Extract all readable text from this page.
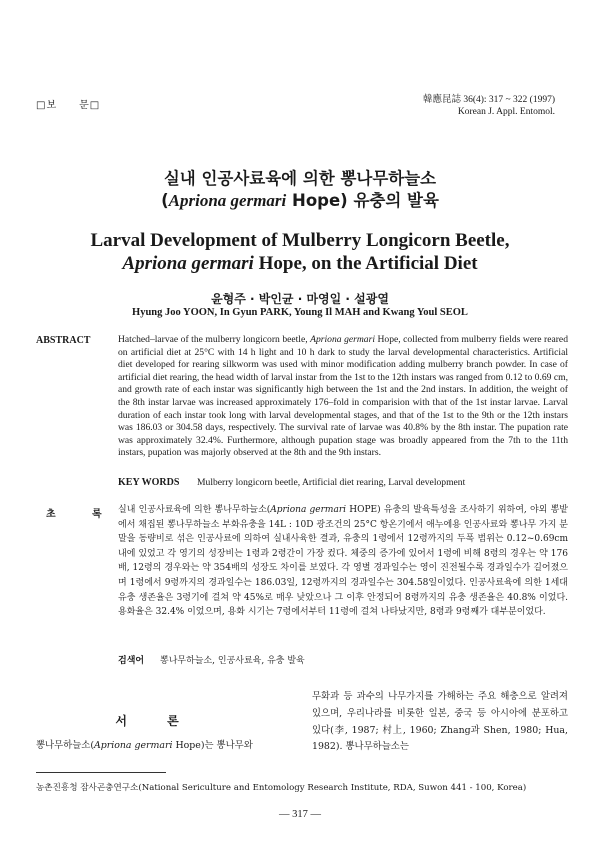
□보　　문□	韓應昆誌 36(4): 317 ~ 322 (1997)
Korean J. Appl. Entomol.
실내 인공사료육에 의한 뽕나무하늘소
(Apriona germari Hope) 유충의 발육
Larval Development of Mulberry Longicorn Beetle,
Apriona germari Hope, on the Artificial Diet
윤형주 · 박인균 · 마영일 · 설광열
Hyung Joo YOON, In Gyun PARK, Young Il MAH and Kwang Youl SEOL
ABSTRACT	Hatched–larvae of the mulberry longicorn beetle, Apriona germari Hope, collected from mulberry fields were reared on artificial diet at 25°C with 14 h light and 10 h dark to study the larval developmental characteristics. Artificial diet developed for rearing silkworm was used with minor modification adding mulberry branch powder. In case of artificial diet rearing, the head width of larval instar from the 1st to the 12th instars was ranged from 0.12 to 0.69 cm, and growth rate of each instar was significantly high between the 1st and the 2nd instars. In addition, the weight of the 8th instar larvae was increased approximately 176–fold in comparision with that of the 1st instar larvae. Larval duration of each instar took long with larval developmental stages, and that of the 1st to the 9th or the 12th instars was 186.03 or 304.58 days, respectively. The survival rate of larvae was 40.8% by the 8th instar. The pupation rate was approximately 32.4%. Furthermore, although pupation stage was broadly appeared from the 7th to the 11th instars, pupation was majorly observed at the 8th and the 9th instars.
KEY WORDS Mulberry longicorn beetle, Artificial diet rearing, Larval development
초	록 실내 인공사료육에 의한 뽕나무하늘소(Apriona germari HOPE) 유충의 발육특성을 조사하기 위하여, 야외 뽕밭에서 채집된 뽕나무하늘소 부화유충을 14L : 10D 광조건의 25°C 항온기에서 애누에용 인공사료와 뽕나무 가지 분말을 동량비로 섞은 인공사료에 의하여 실내사육한 결과, 유충의 1령에서 12령까지의 두폭 범위는 0.12~0.69cm 내에 있었고 각 영기의 성장비는 1령과 2령간이 가장 컸다. 체중의 증가에 있어서 1령에 비해 8령의 경우는 약 176배, 12령의 경우와는 약 354배의 성장도 차이를 보였다. 각 영별 경과일수는 영이 진전될수록 경과일수가 길어졌으며 1령에서 9령까지의 경과일수는 186.03일, 12령까지의 경과일수는 304.58일이었다. 인공사료육에 의한 1세대 유충 생존율은 3령기에 걸쳐 약 45%로 매우 낮았으나 그 이후 안정되어 8령까지의 유충 생존율은 40.8% 이었다. 용화율은 32.4% 이었으며, 용화 시기는 7령에서부터 11령에 걸쳐 나타났지만, 8령과 9령째가 대부분이었다.
검색어 뽕나무하늘소, 인공사료육, 유충 발육
서 론
뽕나무하늘소(Apriona germari Hope)는 뽕나무와
무화과 등 과수의 나무가지를 가해하는 주요 해충으로 알려져 있으며, 우리나라를 비롯한 일본, 중국 등 아시아에 분포하고 있다(李, 1987; 村上, 1960; Zhang과 Shen, 1980; Hua, 1982). 뽕나무하늘소는
농촌진흥청 잠사곤충연구소(National Sericulture and Entomology Research Institute, RDA, Suwon 441 - 100, Korea)
— 317 —
